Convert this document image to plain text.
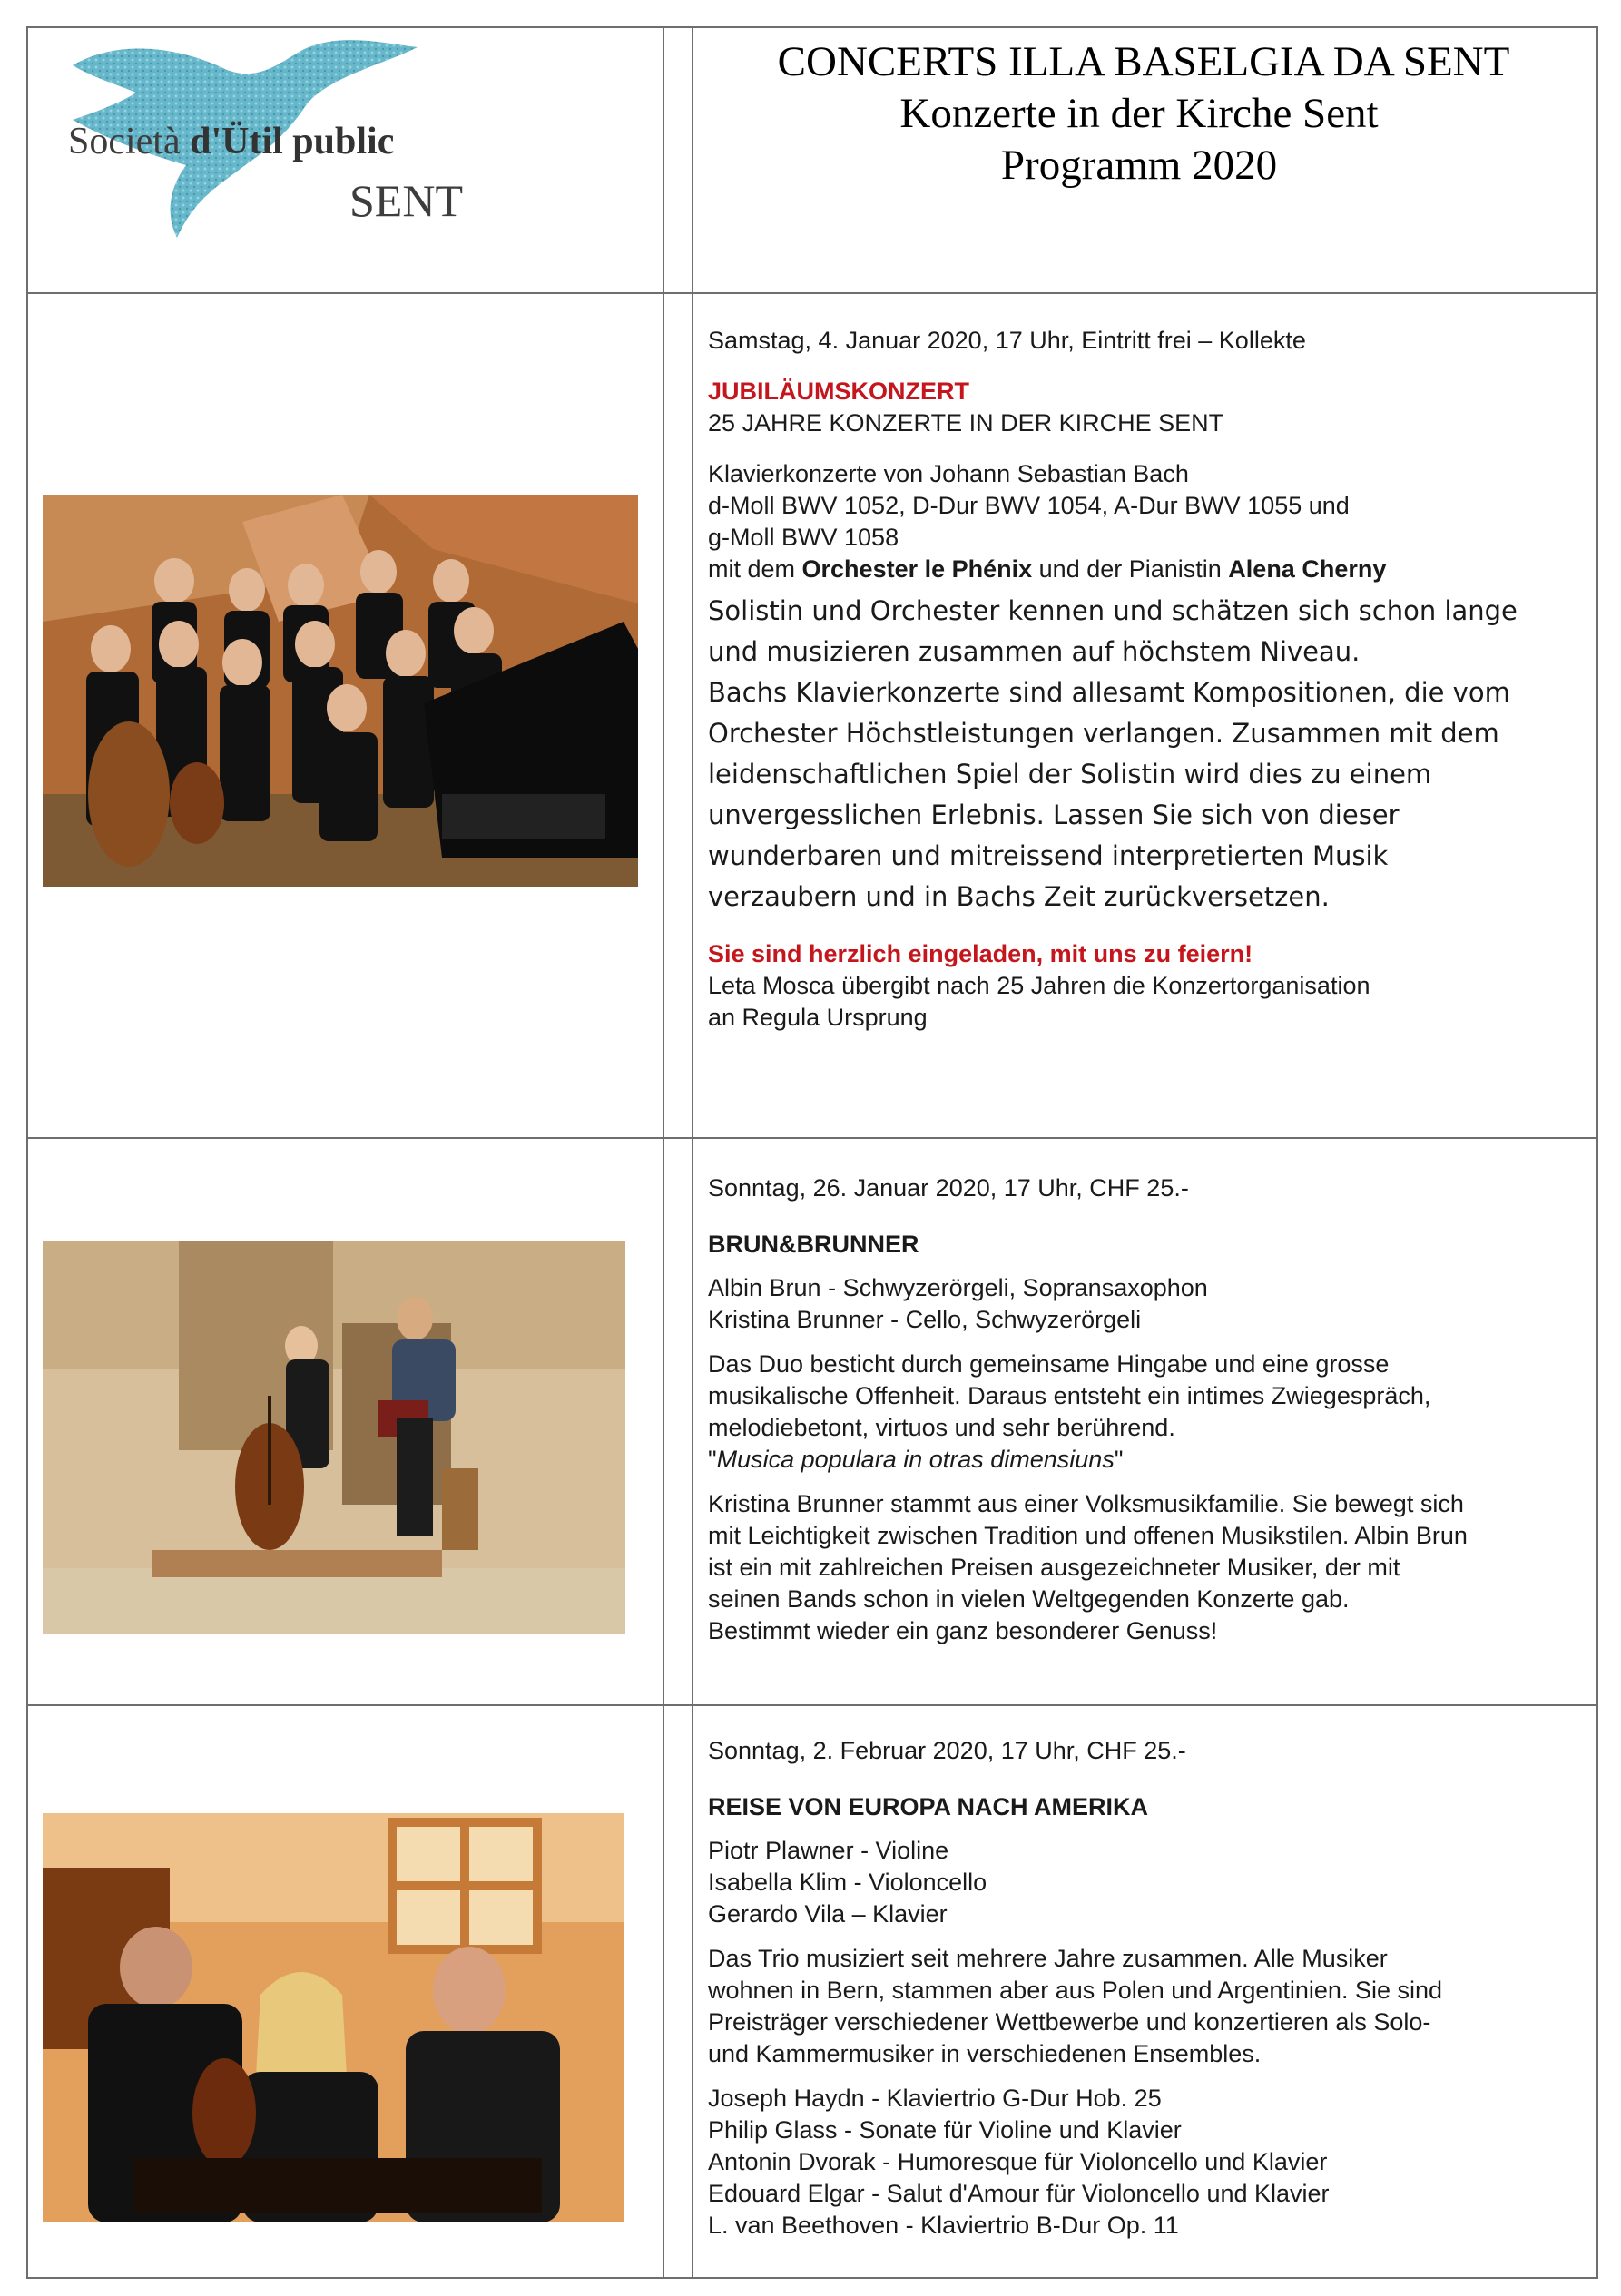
Società d'Ütil public
SENT
CONCERTS ILLA BASELGIA DA SENT
Konzerte in der Kirche Sent
Programm 2020

Samstag, 4. Januar 2020, 17 Uhr, Eintritt frei – Kollekte

JUBILÄUMSKONZERT

25 JAHRE KONZERTE IN DER KIRCHE SENT

Klavierkonzerte von Johann Sebastian Bach

d-Moll BWV 1052, D-Dur BWV 1054, A-Dur BWV 1055 und

g-Moll BWV 1058

mit dem Orchester le Phénix und der Pianistin Alena Cherny

Solistin und Orchester kennen und schätzen sich schon lange

und musizieren zusammen auf höchstem Niveau.

Bachs Klavierkonzerte sind allesamt Kompositionen, die vom

Orchester Höchstleistungen verlangen. Zusammen mit dem

leidenschaftlichen Spiel der Solistin wird dies zu einem

unvergesslichen Erlebnis. Lassen Sie sich von dieser

wunderbaren und mitreissend interpretierten Musik

verzaubern und in Bachs Zeit zurückversetzen.

Sie sind herzlich eingeladen, mit uns zu feiern!

Leta Mosca übergibt nach 25 Jahren die Konzertorganisation

an Regula Ursprung

Sonntag, 26. Januar 2020, 17 Uhr, CHF 25.-

BRUN&BRUNNER

Albin Brun - Schwyzerörgeli, Sopransaxophon

Kristina Brunner - Cello, Schwyzerörgeli

Das Duo besticht durch gemeinsame Hingabe und eine grosse

musikalische Offenheit. Daraus entsteht ein intimes Zwiegespräch,

melodiebetont, virtuos und sehr berührend.

"Musica populara in otras dimensiuns"

Kristina Brunner stammt aus einer Volksmusikfamilie. Sie bewegt sich

mit Leichtigkeit zwischen Tradition und offenen Musikstilen. Albin Brun

ist ein mit zahlreichen Preisen ausgezeichneter Musiker, der mit

seinen Bands schon in vielen Weltgegenden Konzerte gab.

Bestimmt wieder ein ganz besonderer Genuss!

Sonntag, 2. Februar 2020, 17 Uhr, CHF 25.-

REISE VON EUROPA NACH AMERIKA

Piotr Plawner - Violine

Isabella Klim - Violoncello

Gerardo Vila – Klavier

Das Trio musiziert seit mehrere Jahre zusammen. Alle Musiker

wohnen in Bern, stammen aber aus Polen und Argentinien. Sie sind

Preisträger verschiedener Wettbewerbe und konzertieren als Solo-

und Kammermusiker in verschiedenen Ensembles.

Joseph Haydn - Klaviertrio G-Dur Hob. 25

Philip Glass - Sonate für Violine und Klavier

Antonin Dvorak - Humoresque für Violoncello und Klavier

Edouard Elgar - Salut d'Amour für Violoncello und Klavier

L. van Beethoven - Klaviertrio B-Dur Op. 11
